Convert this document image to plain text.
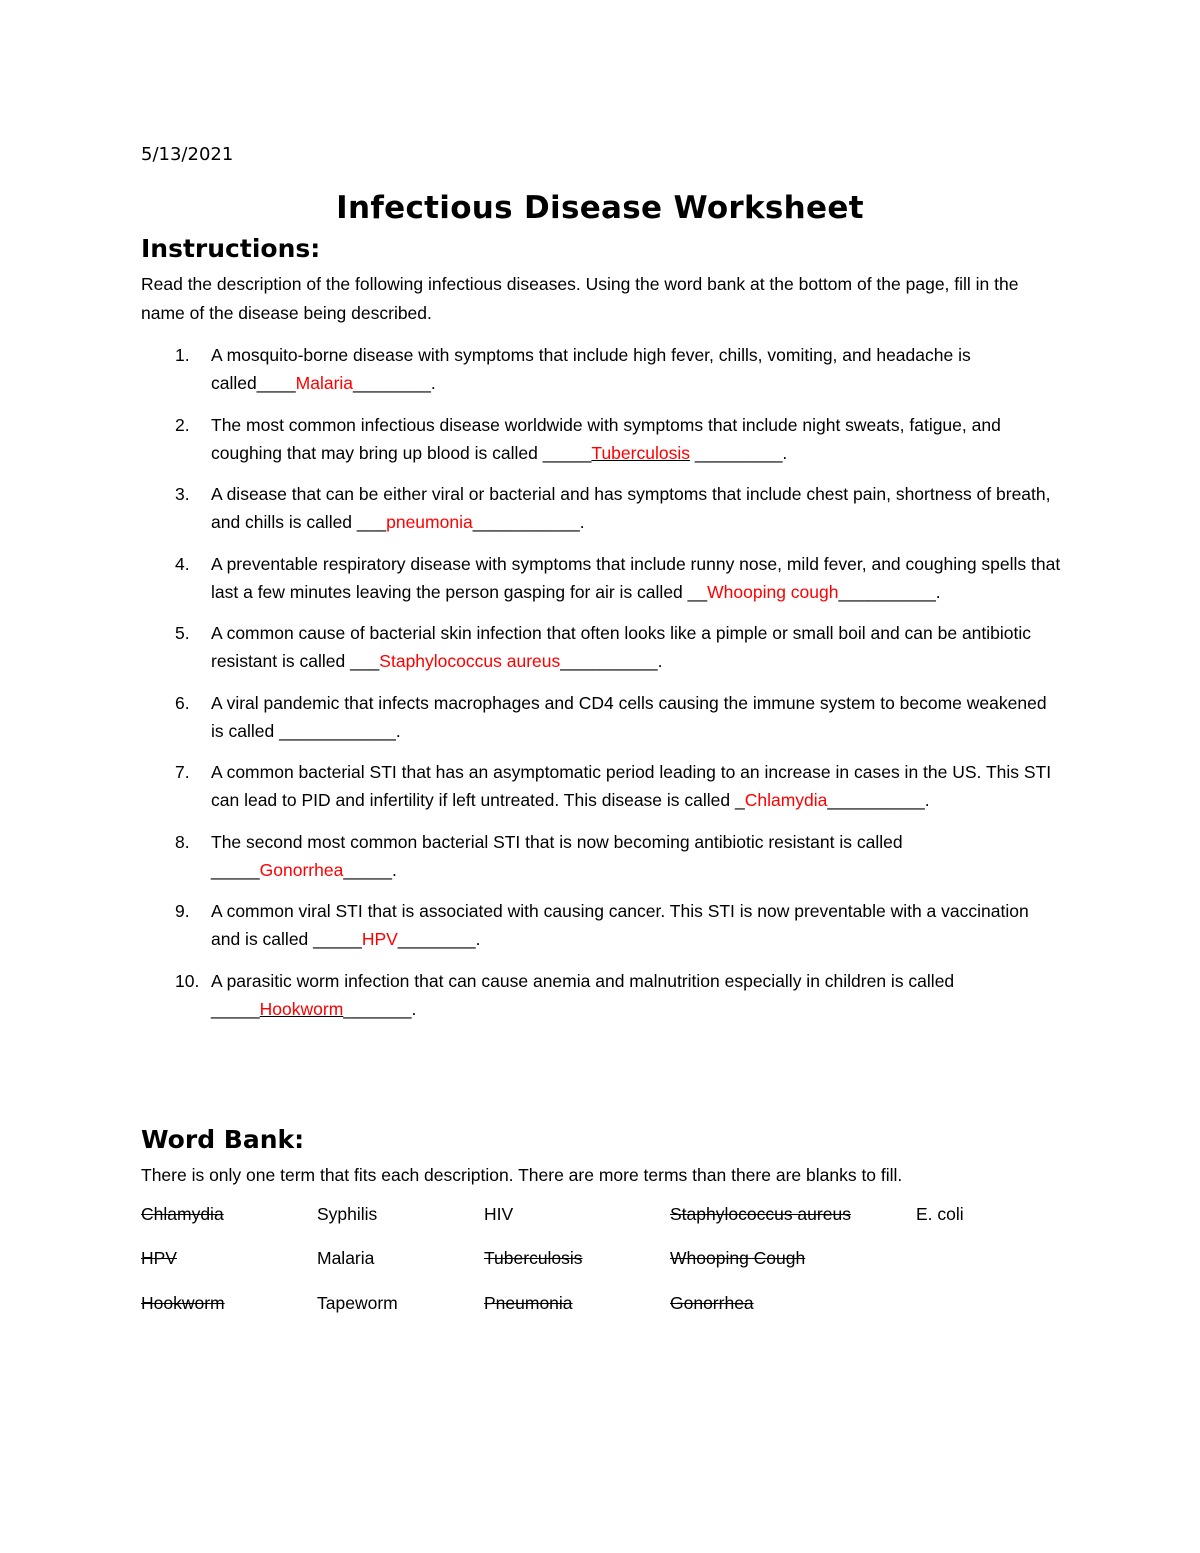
5/13/2021
Infectious Disease Worksheet
Instructions:
Read the description of the following infectious diseases. Using the word bank at the bottom of the page, fill in the name of the disease being described.
1. A mosquito-borne disease with symptoms that include high fever, chills, vomiting, and headache is called____Malaria________.
2. The most common infectious disease worldwide with symptoms that include night sweats, fatigue, and coughing that may bring up blood is called _____Tuberculosis _________.
3. A disease that can be either viral or bacterial and has symptoms that include chest pain, shortness of breath, and chills is called ___pneumonia___________.
4. A preventable respiratory disease with symptoms that include runny nose, mild fever, and coughing spells that last a few minutes leaving the person gasping for air is called __Whooping cough__________.
5. A common cause of bacterial skin infection that often looks like a pimple or small boil and can be antibiotic resistant is called ___Staphylococcus aureus__________.
6. A viral pandemic that infects macrophages and CD4 cells causing the immune system to become weakened is called ____________.
7. A common bacterial STI that has an asymptomatic period leading to an increase in cases in the US. This STI can lead to PID and infertility if left untreated. This disease is called _Chlamydia__________.
8. The second most common bacterial STI that is now becoming antibiotic resistant is called _____Gonorrhea_____.
9. A common viral STI that is associated with causing cancer. This STI is now preventable with a vaccination and is called _____HPV________.
10. A parasitic worm infection that can cause anemia and malnutrition especially in children is called _____Hookworm_______.
Word Bank:
There is only one term that fits each description. There are more terms than there are blanks to fill.
Chlamydia	Syphilis	HIV	Staphylococcus aureus	E. coli
HPV	Malaria	Tuberculosis	Whooping Cough
Hookworm	Tapeworm	Pneumonia	Gonorrhea
